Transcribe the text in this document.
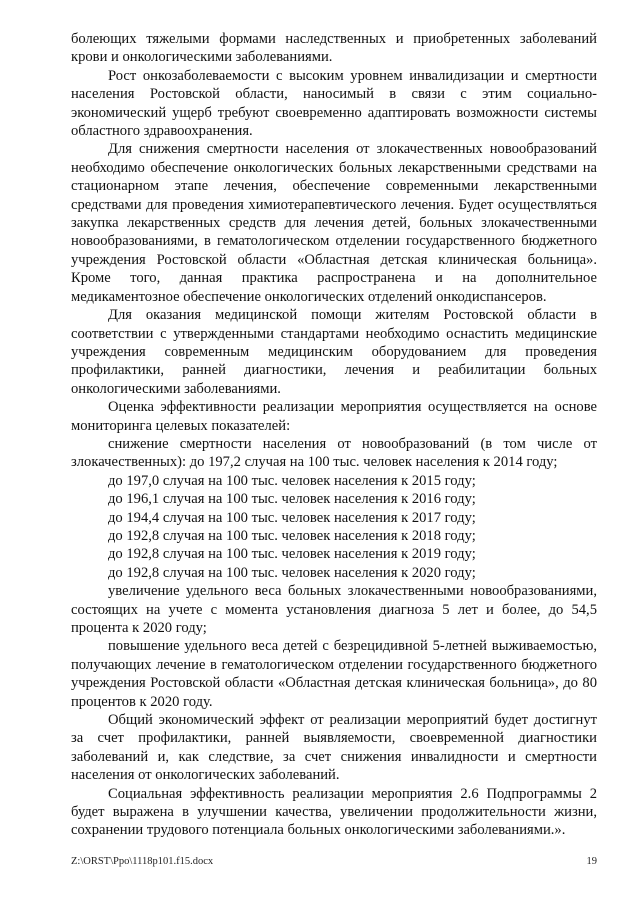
болеющих тяжелыми формами наследственных и приобретенных заболеваний крови и онкологическими заболеваниями.

Рост онкозаболеваемости с высоким уровнем инвалидизации и смертности населения Ростовской области, наносимый в связи с этим социально-экономический ущерб требуют своевременно адаптировать возможности системы областного здравоохранения.

Для снижения смертности населения от злокачественных новообразований необходимо обеспечение онкологических больных лекарственными средствами на стационарном этапе лечения, обеспечение современными лекарственными средствами для проведения химиотерапевтического лечения. Будет осуществляться закупка лекарственных средств для лечения детей, больных злокачественными новообразованиями, в гематологическом отделении государственного бюджетного учреждения Ростовской области «Областная детская клиническая больница». Кроме того, данная практика распространена и на дополнительное медикаментозное обеспечение онкологических отделений онкодиспансеров.

Для оказания медицинской помощи жителям Ростовской области в соответствии с утвержденными стандартами необходимо оснастить медицинские учреждения современным медицинским оборудованием для проведения профилактики, ранней диагностики, лечения и реабилитации больных онкологическими заболеваниями.

Оценка эффективности реализации мероприятия осуществляется на основе мониторинга целевых показателей:

снижение смертности населения от новообразований (в том числе от злокачественных): до 197,2 случая на 100 тыс. человек населения к 2014 году;

до 197,0 случая на 100 тыс. человек населения к 2015 году;

до 196,1 случая на 100 тыс. человек населения к 2016 году;

до 194,4 случая на 100 тыс. человек населения к 2017 году;

до 192,8 случая на 100 тыс. человек населения к 2018 году;

до 192,8 случая на 100 тыс. человек населения к 2019 году;

до 192,8 случая на 100 тыс. человек населения к 2020 году;

увеличение удельного веса больных злокачественными новообразованиями, состоящих на учете с момента установления диагноза 5 лет и более, до 54,5 процента к 2020 году;

повышение удельного веса детей с безрецидивной 5-летней выживаемостью, получающих лечение в гематологическом отделении государственного бюджетного учреждения Ростовской области «Областная детская клиническая больница», до 80 процентов к 2020 году.

Общий экономический эффект от реализации мероприятий будет достигнут за счет профилактики, ранней выявляемости, своевременной диагностики заболеваний и, как следствие, за счет снижения инвалидности и смертности населения от онкологических заболеваний.

Социальная эффективность реализации мероприятия 2.6 Подпрограммы 2 будет выражена в улучшении качества, увеличении продолжительности жизни, сохранении трудового потенциала больных онкологическими заболеваниями.».

Z:\ORST\Ppo\1118p101.f15.docx	19
